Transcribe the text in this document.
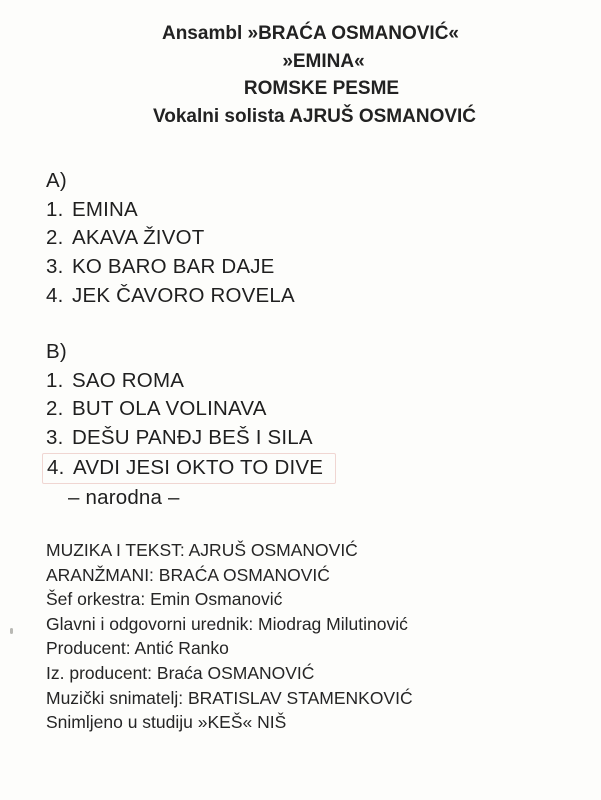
Ansambl »BRAĆA OSMANOVIĆ«
»EMINA«
ROMSKE PESME
Vokalni solista AJRUŠ OSMANOVIĆ
A)
1. EMINA
2. AKAVA ŽIVOT
3. KO BARO BAR DAJE
4. JEK ČAVORO ROVELA
B)
1. SAO ROMA
2. BUT OLA VOLINAVA
3. DEŠU PANĐJ BEŠ I SILA
4. AVDI JESI OKTO TO DIVE
– narodna –
MUZIKA I TEKST: AJRUŠ OSMANOVIĆ
ARANŽMANI: BRAĆA OSMANOVIĆ
Šef orkestra: Emin Osmanović
Glavni i odgovorni urednik: Miodrag Milutinović
Producent: Antić Ranko
Iz. producent: Braća OSMANOVIĆ
Muzički snimatelj: BRATISLAV STAMENKOVIĆ
Snimljeno u studiju »KEŠ« NIŠ
